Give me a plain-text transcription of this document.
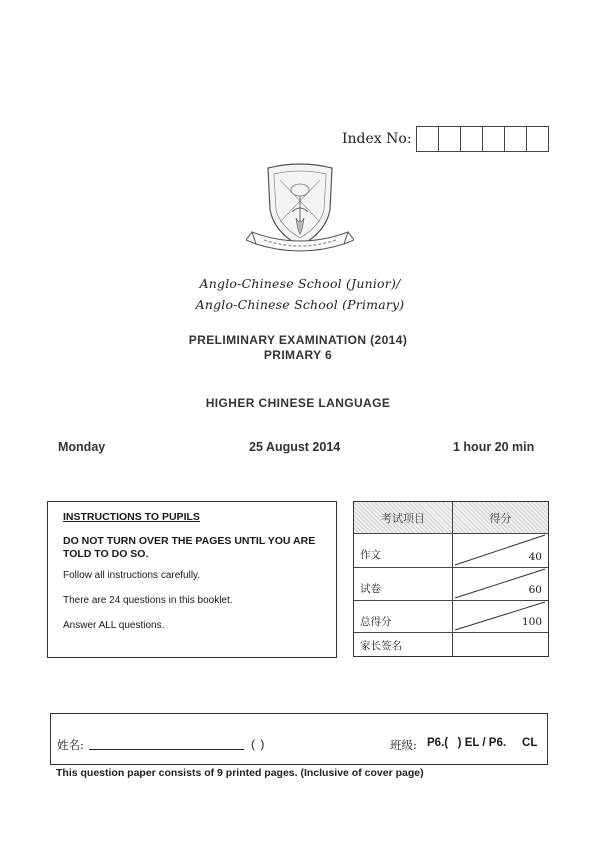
Index No:
Anglo-Chinese School (Junior)/
Anglo-Chinese School (Primary)
PRELIMINARY EXAMINATION (2014)
PRIMARY 6
HIGHER CHINESE LANGUAGE
Monday	25 August 2014	1 hour 20 min
INSTRUCTIONS TO PUPILS
DO NOT TURN OVER THE PAGES UNTIL YOU ARE TOLD TO DO SO.
Follow all instructions carefully.
There are 24 questions in this booklet.
Answer ALL questions.
考试项目	得分
作文	40
试卷	60
总得分	100
家长签名
姓名:	( )	班级: P6.(   ) EL / P6.     CL
This question paper consists of 9 printed pages. (Inclusive of cover page)
